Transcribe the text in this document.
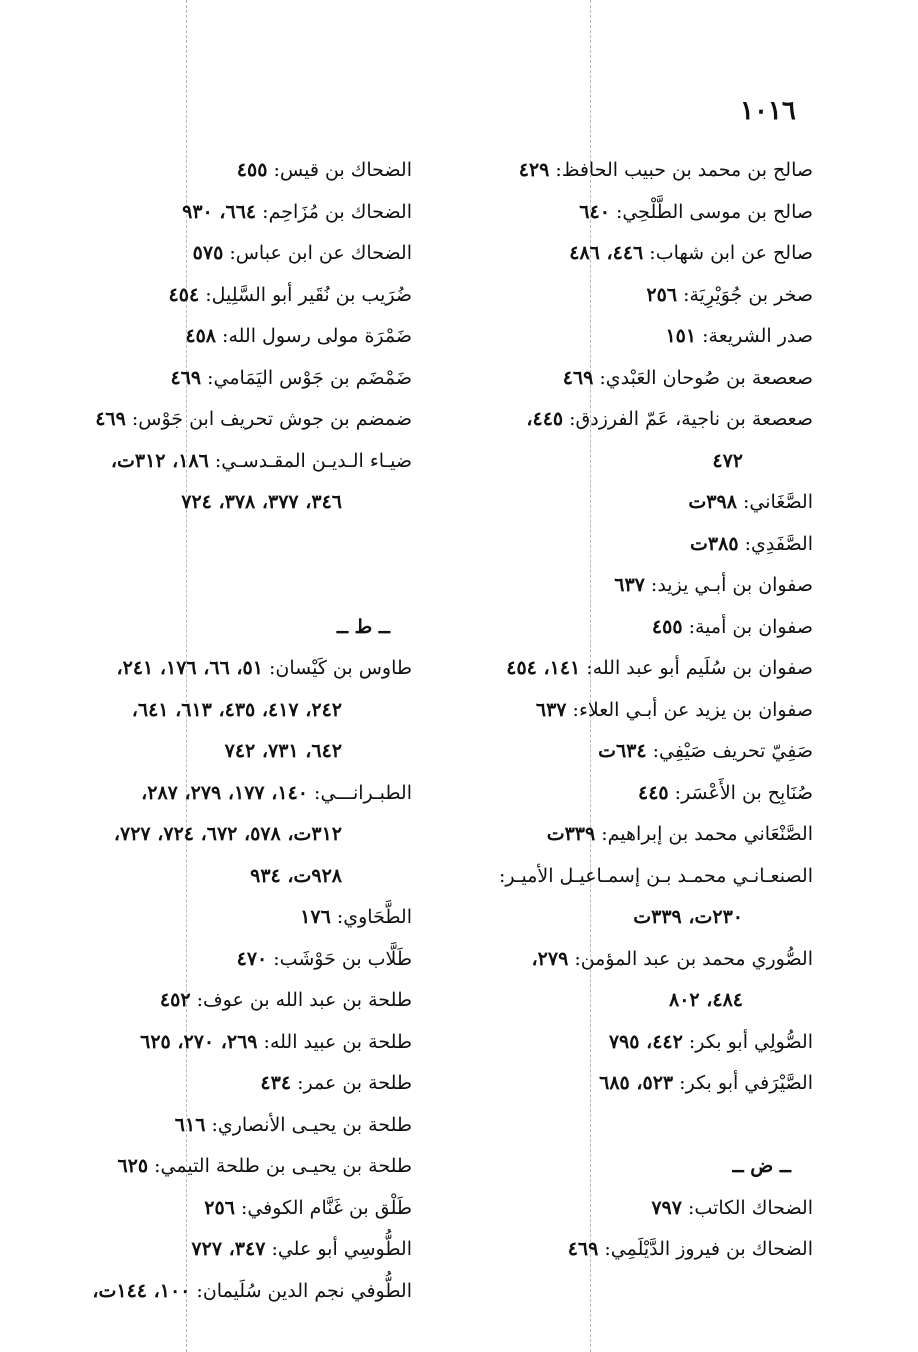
١٠١٦
صالح بن محمد بن حبيب الحافظ: ٤٢٩
صالح بن موسى الطَّلْحِي: ٦٤٠
صالح عن ابن شهاب: ٤٤٦، ٤٨٦
صخر بن جُوَيْرِيَة: ٢٥٦
صدر الشريعة: ١٥١
صعصعة بن صُوحان العَبْدي: ٤٦٩
صعصعة بن ناجية، عَمّ الفرزدق: ٤٤٥،
٤٧٢
الصَّغَاني: ٣٩٨ت
الصَّفَدِي: ٣٨٥ت
صفوان بن أبـي يزيد: ٦٣٧
صفوان بن أمية: ٤٥٥
صفوان بن سُلَيم أبو عبد الله: ١٤١، ٤٥٤
صفوان بن يزيد عن أبـي العلاء: ٦٣٧
صَفِيّ تحريف صَيْفِي: ٦٣٤ت
صُنَابِح بن الأَعْسَر: ٤٤٥
الصَّنْعَاني محمد بن إبراهيم: ٣٣٩ت
الصنعـانـي محمـد بـن إسمـاعيـل الأميـر:
٢٣٠ت، ٣٣٩ت
الصُّوري محمد بن عبد المؤمن: ٢٧٩،
٤٨٤، ٨٠٢
الصُّولِي أبو بكر: ٤٤٢، ٧٩٥
الصَّيْرَفي أبو بكر: ٥٢٣، ٦٨٥
ــ ض ــ
الضحاك الكاتب: ٧٩٧
الضحاك بن فيروز الدَّيْلَمِي: ٤٦٩
الضحاك بن قيس: ٤٥٥
الضحاك بن مُزَاحِم: ٦٦٤، ٩٣٠
الضحاك عن ابن عباس: ٥٧٥
ضُرَيب بن نُقَير أبو السَّلِيل: ٤٥٤
ضَمْرَة مولى رسول الله: ٤٥٨
ضَمْضَم بن جَوْس اليَمَامي: ٤٦٩
ضمضم بن جوش تحريف ابن جَوْس: ٤٦٩
ضيـاء الـديـن المقـدسـي: ١٨٦، ٣١٢ت،
٣٤٦، ٣٧٧، ٣٧٨، ٧٢٤
ــ ط ــ
طاوس بن كَيْسان: ٥١، ٦٦، ١٧٦، ٢٤١،
٢٤٢، ٤١٧، ٤٣٥، ٦١٣، ٦٤١،
٦٤٢، ٧٣١، ٧٤٢
الطبـرانـــي: ١٤٠، ١٧٧، ٢٧٩، ٢٨٧،
٣١٢ت، ٥٧٨، ٦٧٢، ٧٢٤، ٧٢٧،
٩٢٨ت، ٩٣٤
الطَّحَاوي: ١٧٦
طَلَّاب بن حَوْشَب: ٤٧٠
طلحة بن عبد الله بن عوف: ٤٥٢
طلحة بن عبيد الله: ٢٦٩، ٢٧٠، ٦٢٥
طلحة بن عمر: ٤٣٤
طلحة بن يحيـى الأنصاري: ٦١٦
طلحة بن يحيـى بن طلحة التيمي: ٦٢٥
طَلْق بن غَنَّام الكوفي: ٢٥٦
الطُّوسِي أبو علي: ٣٤٧، ٧٢٧
الطُّوفي نجم الدين سُلَيمان: ١٠٠، ١٤٤ت،
